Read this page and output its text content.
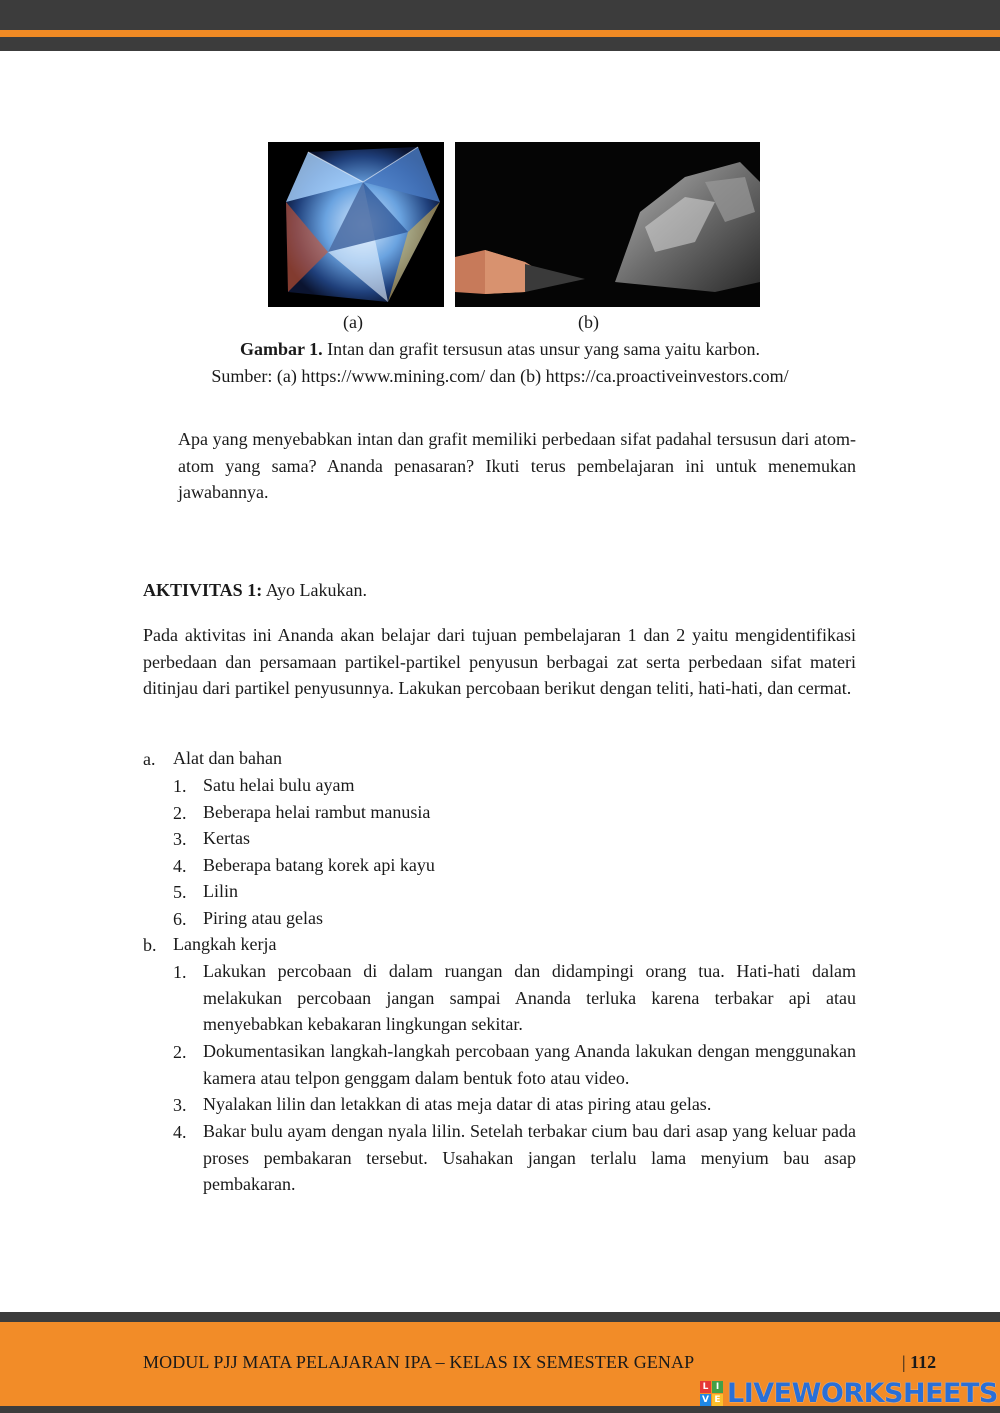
(a)	(b)
Gambar 1. Intan dan grafit tersusun atas unsur yang sama yaitu karbon.
Sumber: (a) https://www.mining.com/ dan (b) https://ca.proactiveinvestors.com/
Apa yang menyebabkan intan dan grafit memiliki perbedaan sifat padahal tersusun dari atom-atom yang sama? Ananda penasaran? Ikuti terus pembelajaran ini untuk menemukan jawabannya.
AKTIVITAS 1: Ayo Lakukan.
Pada aktivitas ini Ananda akan belajar dari tujuan pembelajaran 1 dan 2 yaitu mengidentifikasi perbedaan dan persamaan partikel-partikel penyusun berbagai zat serta perbedaan sifat materi ditinjau dari partikel penyusunnya. Lakukan percobaan berikut dengan teliti, hati-hati, dan cermat.
a. Alat dan bahan
1. Satu helai bulu ayam
2. Beberapa helai rambut manusia
3. Kertas
4. Beberapa batang korek api kayu
5. Lilin
6. Piring atau gelas
b. Langkah kerja
1. Lakukan percobaan di dalam ruangan dan didampingi orang tua. Hati-hati dalam melakukan percobaan jangan sampai Ananda terluka karena terbakar api atau menyebabkan kebakaran lingkungan sekitar.
2. Dokumentasikan langkah-langkah percobaan yang Ananda lakukan dengan menggunakan kamera atau telpon genggam dalam bentuk foto atau video.
3. Nyalakan lilin dan letakkan di atas meja datar di atas piring atau gelas.
4. Bakar bulu ayam dengan nyala lilin. Setelah terbakar cium bau dari asap yang keluar pada proses pembakaran tersebut. Usahakan jangan terlalu lama menyium bau asap pembakaran.
MODUL PJJ MATA PELAJARAN IPA – KELAS IX SEMESTER GENAP	| 112
L I
V E LIVEWORKSHEETS
